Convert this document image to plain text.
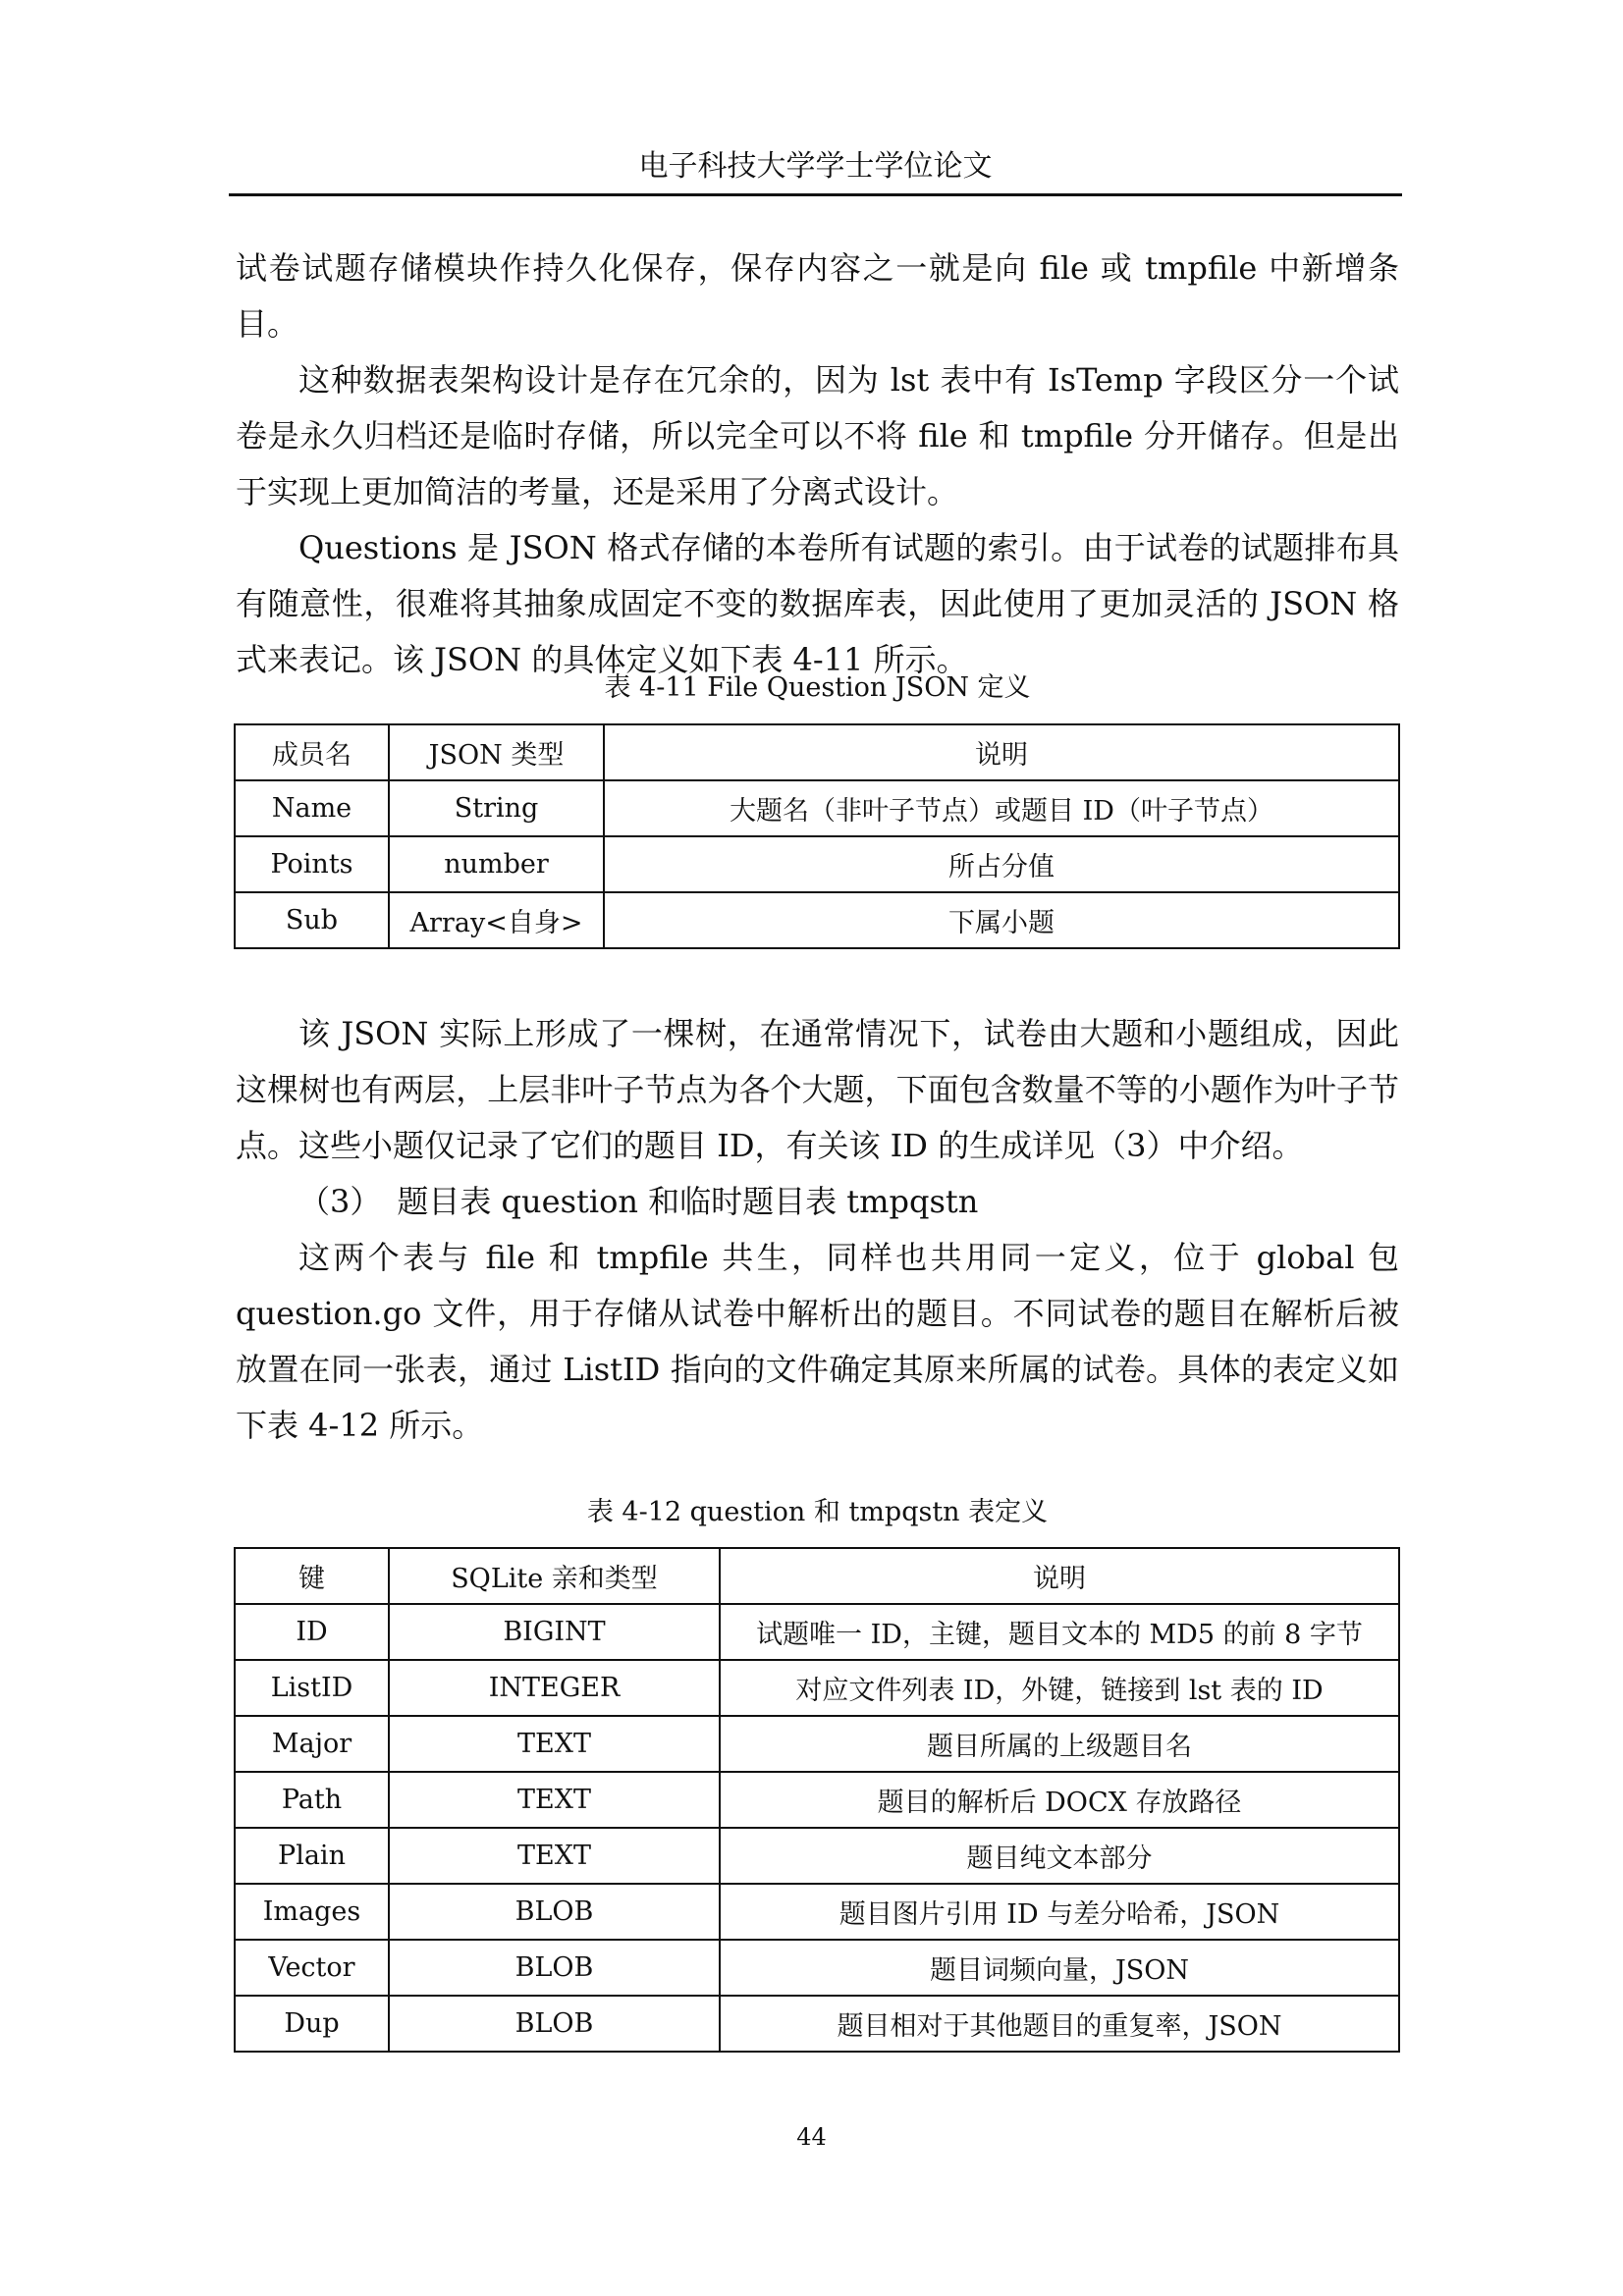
电子科技大学学士学位论文

试卷试题存储模块作持久化保存，保存内容之一就是向 file 或 tmpfile 中新增条目。

这种数据表架构设计是存在冗余的，因为 lst 表中有 IsTemp 字段区分一个试卷是永久归档还是临时存储，所以完全可以不将 file 和 tmpfile 分开储存。但是出于实现上更加简洁的考量，还是采用了分离式设计。

Questions 是 JSON 格式存储的本卷所有试题的索引。由于试卷的试题排布具有随意性，很难将其抽象成固定不变的数据库表，因此使用了更加灵活的 JSON 格式来表记。该 JSON 的具体定义如下表 4-11 所示。

表 4-11 File Question JSON 定义
成员名	JSON 类型	说明
Name	String	大题名（非叶子节点）或题目 ID（叶子节点）
Points	number	所占分值
Sub	Array<自身>	下属小题

该 JSON 实际上形成了一棵树，在通常情况下，试卷由大题和小题组成，因此这棵树也有两层，上层非叶子节点为各个大题，下面包含数量不等的小题作为叶子节点。这些小题仅记录了它们的题目 ID，有关该 ID 的生成详见（3）中介绍。

（3）　题目表 question 和临时题目表 tmpqstn

这两个表与 file 和 tmpfile 共生，同样也共用同一定义，位于 global 包 question.go 文件，用于存储从试卷中解析出的题目。不同试卷的题目在解析后被放置在同一张表，通过 ListID 指向的文件确定其原来所属的试卷。具体的表定义如下表 4-12 所示。

表 4-12 question 和 tmpqstn 表定义
键	SQLite 亲和类型	说明
ID	BIGINT	试题唯一 ID，主键，题目文本的 MD5 的前 8 字节
ListID	INTEGER	对应文件列表 ID，外键，链接到 lst 表的 ID
Major	TEXT	题目所属的上级题目名
Path	TEXT	题目的解析后 DOCX 存放路径
Plain	TEXT	题目纯文本部分
Images	BLOB	题目图片引用 ID 与差分哈希，JSON
Vector	BLOB	题目词频向量，JSON
Dup	BLOB	题目相对于其他题目的重复率，JSON
44
